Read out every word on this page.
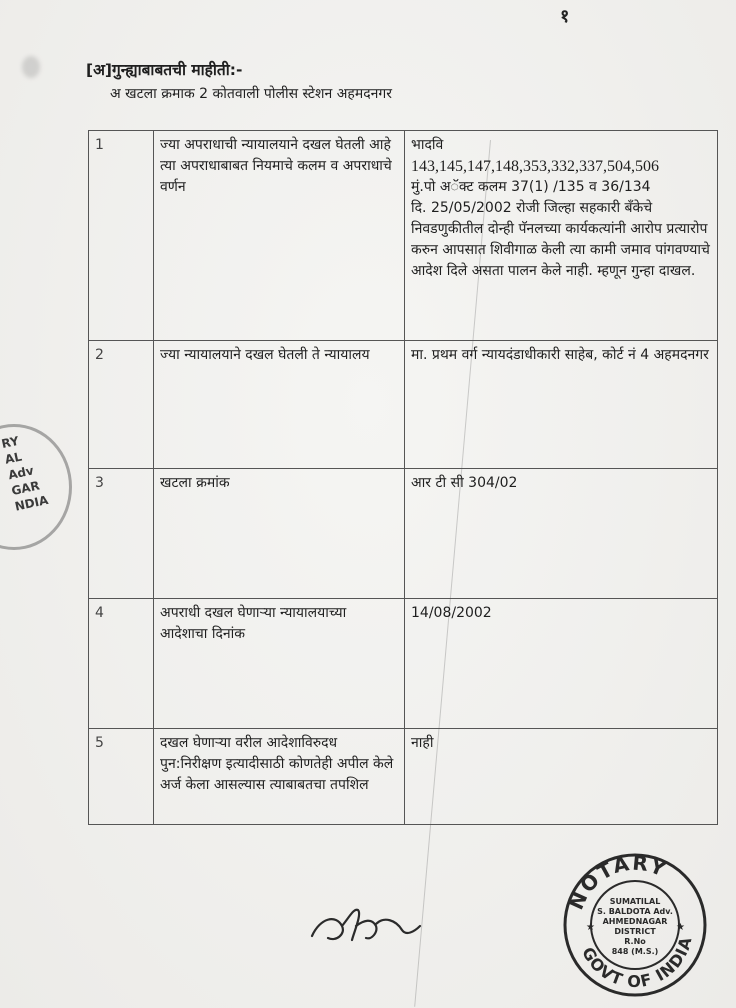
१
[अ]गुन्ह्याबाबतची माहीती:-
अ खटला क्रमाक 2 कोतवाली पोलीस स्टेशन अहमदनगर
1	ज्या अपराधाची न्यायालयाने दखल घेतली आहे त्या अपराधाबाबत नियमाचे कलम व अपराधाचे वर्णन	भादवि
143,145,147,148,353,332,337,504,506
मुं.पो अॅक्ट कलम 37(1) /135 व 36/134
दि. 25/05/2002 रोजी जिल्हा सहकारी बँकेचे निवडणुकीतील दोन्ही पॅनलच्या कार्यकत्यांनी आरोप प्रत्यारोप करुन आपसात शिवीगाळ केली त्या कामी जमाव पांगवण्याचे आदेश दिले असता पालन केले नाही. म्हणून गुन्हा दाखल.

2	ज्या न्यायालयाने दखल घेतली ते न्यायालय	मा. प्रथम वर्ग न्यायदंडाधीकारी साहेब, कोर्ट नं 4 अहमदनगर

3	खटला क्रमांक	आर टी सी 304/02

4	अपराधी दखल घेणाऱ्या न्यायालयाच्या आदेशाचा दिनांक	14/08/2002

5	दखल घेणाऱ्या वरील आदेशाविरुदध पुन:निरीक्षण इत्यादीसाठी कोणतेही अपील केले अर्ज केला आसल्यास त्याबाबतचा तपशिल	नाही
RY
AL
Adv
GAR
NDIA
NOTARY
GOVT OF INDIA
SUMATILAL
S. BALDOTA Adv.
AHMEDNAGAR
DISTRICT
R.No
848 (M.S.)
★	★
